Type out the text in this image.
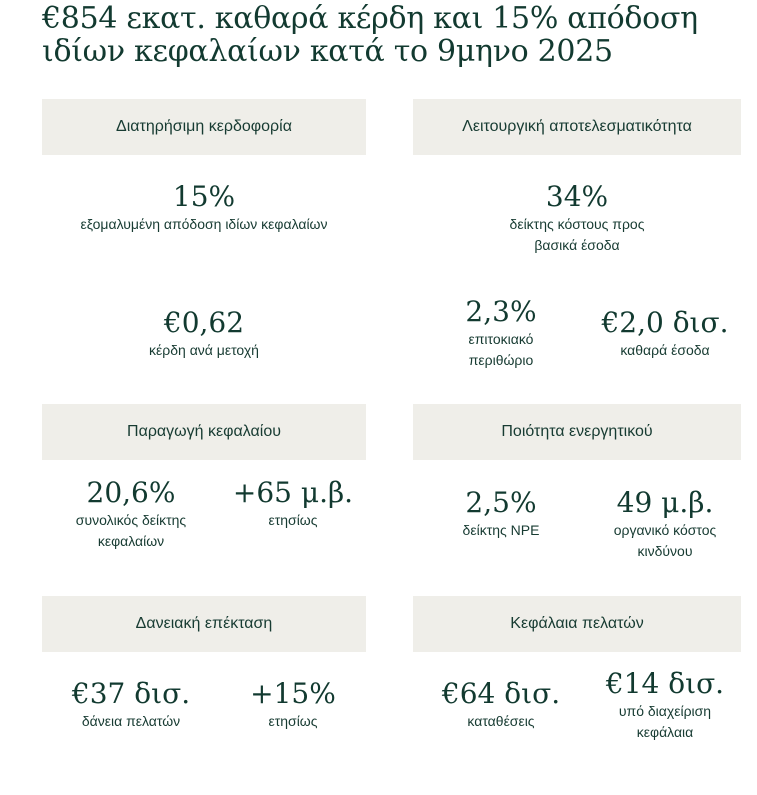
€854 εκατ. καθαρά κέρδη και 15% απόδοση ιδίων κεφαλαίων κατά το 9μηνο 2025
Διατηρήσιμη κερδοφορία
15%
εξομαλυμένη απόδοση ιδίων κεφαλαίων
€0,62
κέρδη ανά μετοχή
Λειτουργική αποτελεσματικότητα
34%
δείκτης κόστους προς βασικά έσοδα
2,3%
επιτοκιακό περιθώριο
€2,0 δισ.
καθαρά έσοδα
Παραγωγή κεφαλαίου
20,6%
συνολικός δείκτης κεφαλαίων
+65 μ.β.
ετησίως
Ποιότητα ενεργητικού
2,5%
δείκτης NPE
49 μ.β.
οργανικό κόστος κινδύνου
Δανειακή επέκταση
€37 δισ.
δάνεια πελατών
+15%
ετησίως
Κεφάλαια πελατών
€64 δισ.
καταθέσεις
€14 δισ.
υπό διαχείριση κεφάλαια
